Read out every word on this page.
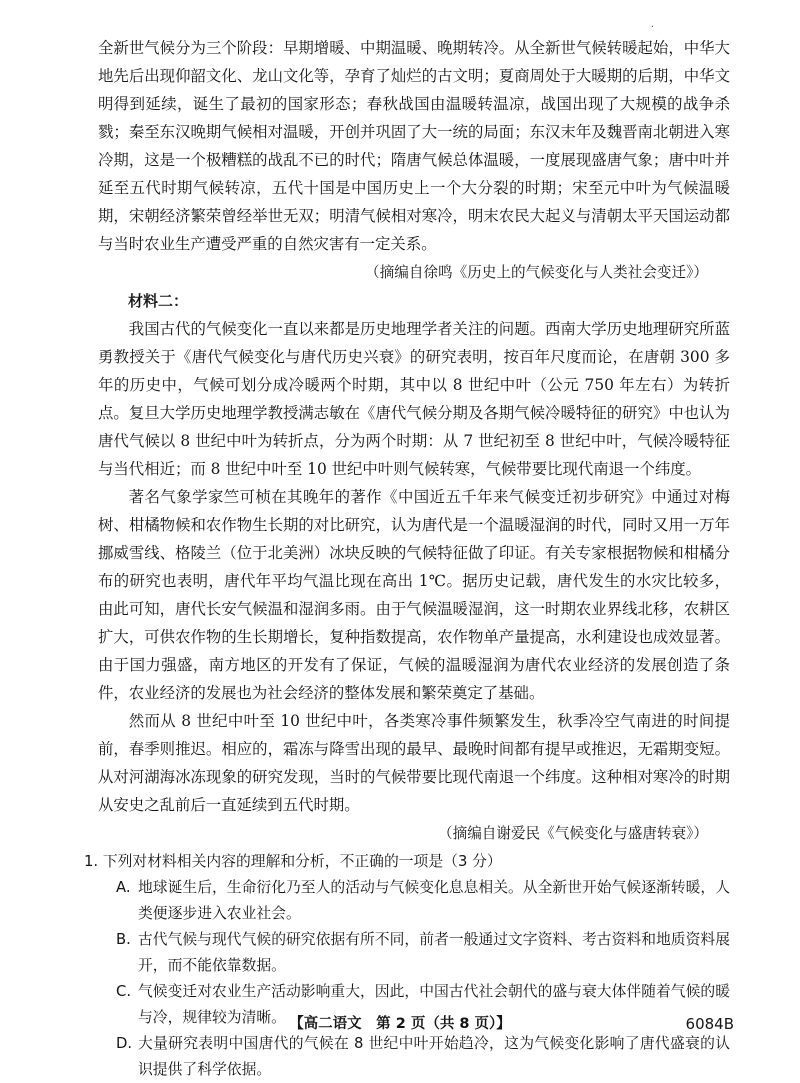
·

全新世气候分为三个阶段：早期增暖、中期温暖、晚期转冷。从全新世气候转暖起始，中华大地先后出现仰韶文化、龙山文化等，孕育了灿烂的古文明；夏商周处于大暖期的后期，中华文明得到延续，诞生了最初的国家形态；春秋战国由温暖转温凉，战国出现了大规模的战争杀戮；秦至东汉晚期气候相对温暖，开创并巩固了大一统的局面；东汉末年及魏晋南北朝进入寒冷期，这是一个极糟糕的战乱不已的时代；隋唐气候总体温暖，一度展现盛唐气象；唐中叶并延至五代时期气候转凉，五代十国是中国历史上一个大分裂的时期；宋至元中叶为气候温暖期，宋朝经济繁荣曾经举世无双；明清气候相对寒冷，明末农民大起义与清朝太平天国运动都与当时农业生产遭受严重的自然灾害有一定关系。

（摘编自徐鸣《历史上的气候变化与人类社会变迁》）

材料二：

我国古代的气候变化一直以来都是历史地理学者关注的问题。西南大学历史地理研究所蓝勇教授关于《唐代气候变化与唐代历史兴衰》的研究表明，按百年尺度而论，在唐朝 300 多年的历史中，气候可划分成冷暖两个时期，其中以 8 世纪中叶（公元 750 年左右）为转折点。复旦大学历史地理学教授满志敏在《唐代气候分期及各期气候冷暖特征的研究》中也认为唐代气候以 8 世纪中叶为转折点，分为两个时期：从 7 世纪初至 8 世纪中叶，气候冷暖特征与当代相近；而 8 世纪中叶至 10 世纪中叶则气候转寒，气候带要比现代南退一个纬度。

著名气象学家竺可桢在其晚年的著作《中国近五千年来气候变迁初步研究》中通过对梅树、柑橘物候和农作物生长期的对比研究，认为唐代是一个温暖湿润的时代，同时又用一万年挪威雪线、格陵兰（位于北美洲）冰块反映的气候特征做了印证。有关专家根据物候和柑橘分布的研究也表明，唐代年平均气温比现在高出 1℃。据历史记载，唐代发生的水灾比较多，由此可知，唐代长安气候温和湿润多雨。由于气候温暖湿润，这一时期农业界线北移，农耕区扩大，可供农作物的生长期增长，复种指数提高，农作物单产量提高，水利建设也成效显著。由于国力强盛，南方地区的开发有了保证，气候的温暖湿润为唐代农业经济的发展创造了条件，农业经济的发展也为社会经济的整体发展和繁荣奠定了基础。

然而从 8 世纪中叶至 10 世纪中叶，各类寒冷事件频繁发生，秋季冷空气南进的时间提前，春季则推迟。相应的，霜冻与降雪出现的最早、最晚时间都有提早或推迟，无霜期变短。从对河湖海冰冻现象的研究发现，当时的气候带要比现代南退一个纬度。这种相对寒冷的时期从安史之乱前后一直延续到五代时期。

（摘编自谢爱民《气候变化与盛唐转衰》）

1. 下列对材料相关内容的理解和分析，不正确的一项是（3 分）

A. 地球诞生后，生命衍化乃至人的活动与气候变化息息相关。从全新世开始气候逐渐转暖，人类便逐步进入农业社会。
B. 古代气候与现代气候的研究依据有所不同，前者一般通过文字资料、考古资料和地质资料展开，而不能依靠数据。
C. 气候变迁对农业生产活动影响重大，因此，中国古代社会朝代的盛与衰大体伴随着气候的暖与冷，规律较为清晰。
D. 大量研究表明中国唐代的气候在 8 世纪中叶开始趋冷，这为气候变化影响了唐代盛衰的认识提供了科学依据。
【高二语文　第 2 页（共 8 页）】	6084B
